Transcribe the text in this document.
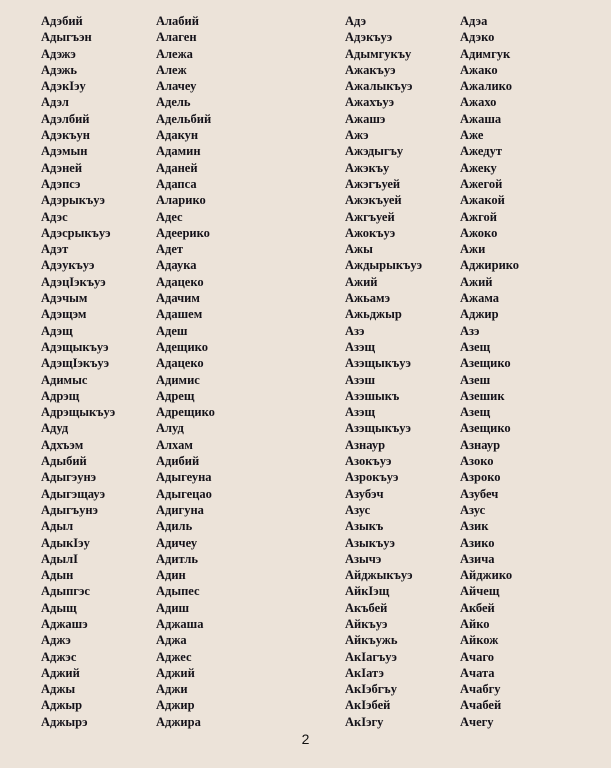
Адэбий
Адыгъэн
Адэжэ
Адэжь
АдэкIэу
Адэл
Адэлбий
Адэкъун
Адэмын
Адэней
Адэпсэ
Адэрыкъуэ
Адэс
Адэсрыкъуэ
Адэт
Адэукъуэ
АдэцIэкъуэ
Адэчым
Адэщэм
Адэщ
Адэщыкъуэ
АдэщIэкъуэ
Адимыс
Адрэщ
Адрэщыкъуэ
Адуд
Адхъэм
Адыбий
Адыгэунэ
Адыгэщауэ
Адыгъунэ
Адыл
АдыкIэу
АдылI
Адын
Адыпгэс
Адыщ
Аджашэ
Аджэ
Аджэс
Аджий
Аджы
Аджыр
Аджырэ
Алабий
Алаген
Алежа
Алеж
Алачеу
Адель
Адельбий
Адакун
Адамин
Аданей
Адапса
Аларико
Адес
Адеерико
Адет
Адаука
Адацеко
Адачим
Адашем
Адеш
Адещико
Адацеко
Адимис
Адрещ
Адрещико
Алуд
Алхам
Адибий
Адыгеуна
Адыгецао
Адигуна
Адиль
Адичеу
Адитль
Адин
Адыпес
Адиш
Аджаша
Аджа
Аджес
Аджий
Аджи
Аджир
Аджира
Адэ
Адэкъуэ
Адымгукъу
Ажакъуэ
Ажалыкъуэ
Ажахъуэ
Ажашэ
Ажэ
Ажэдыгъу
Ажэкъу
Ажэгъуей
Ажэкъуей
Ажгъуей
Ажокъуэ
Ажы
Аждырыкъуэ
Ажий
Ажьамэ
Ажьджыр
Азэ
Азэщ
Азэщыкъуэ
Азэш
Азэшыкъ
Азэщ
Азэщыкъуэ
Азнаур
Азокъуэ
Азрокъуэ
Азубэч
Азус
Азыкъ
Азыкъуэ
Азычэ
Айджыкъуэ
АйкIэщ
Акъбей
Айкъуэ
Айкъужь
АкIагъуэ
АкIатэ
АкIэбгъу
АкIэбей
АкIэгу
Адэа
Адэко
Адимгук
Ажако
Ажалико
Ажахо
Ажаша
Аже
Ажедут
Ажеку
Ажегой
Ажакой
Ажгой
Ажоко
Ажи
Аджирико
Ажий
Ажама
Аджир
Азэ
Азещ
Азещико
Азеш
Азешик
Азещ
Азещико
Азнаур
Азоко
Азроко
Азубеч
Азус
Азик
Азико
Азича
Айджико
Айчещ
Акбей
Айко
Айкож
Ачаго
Ачата
Ачабгу
Ачабей
Ачегу
2
